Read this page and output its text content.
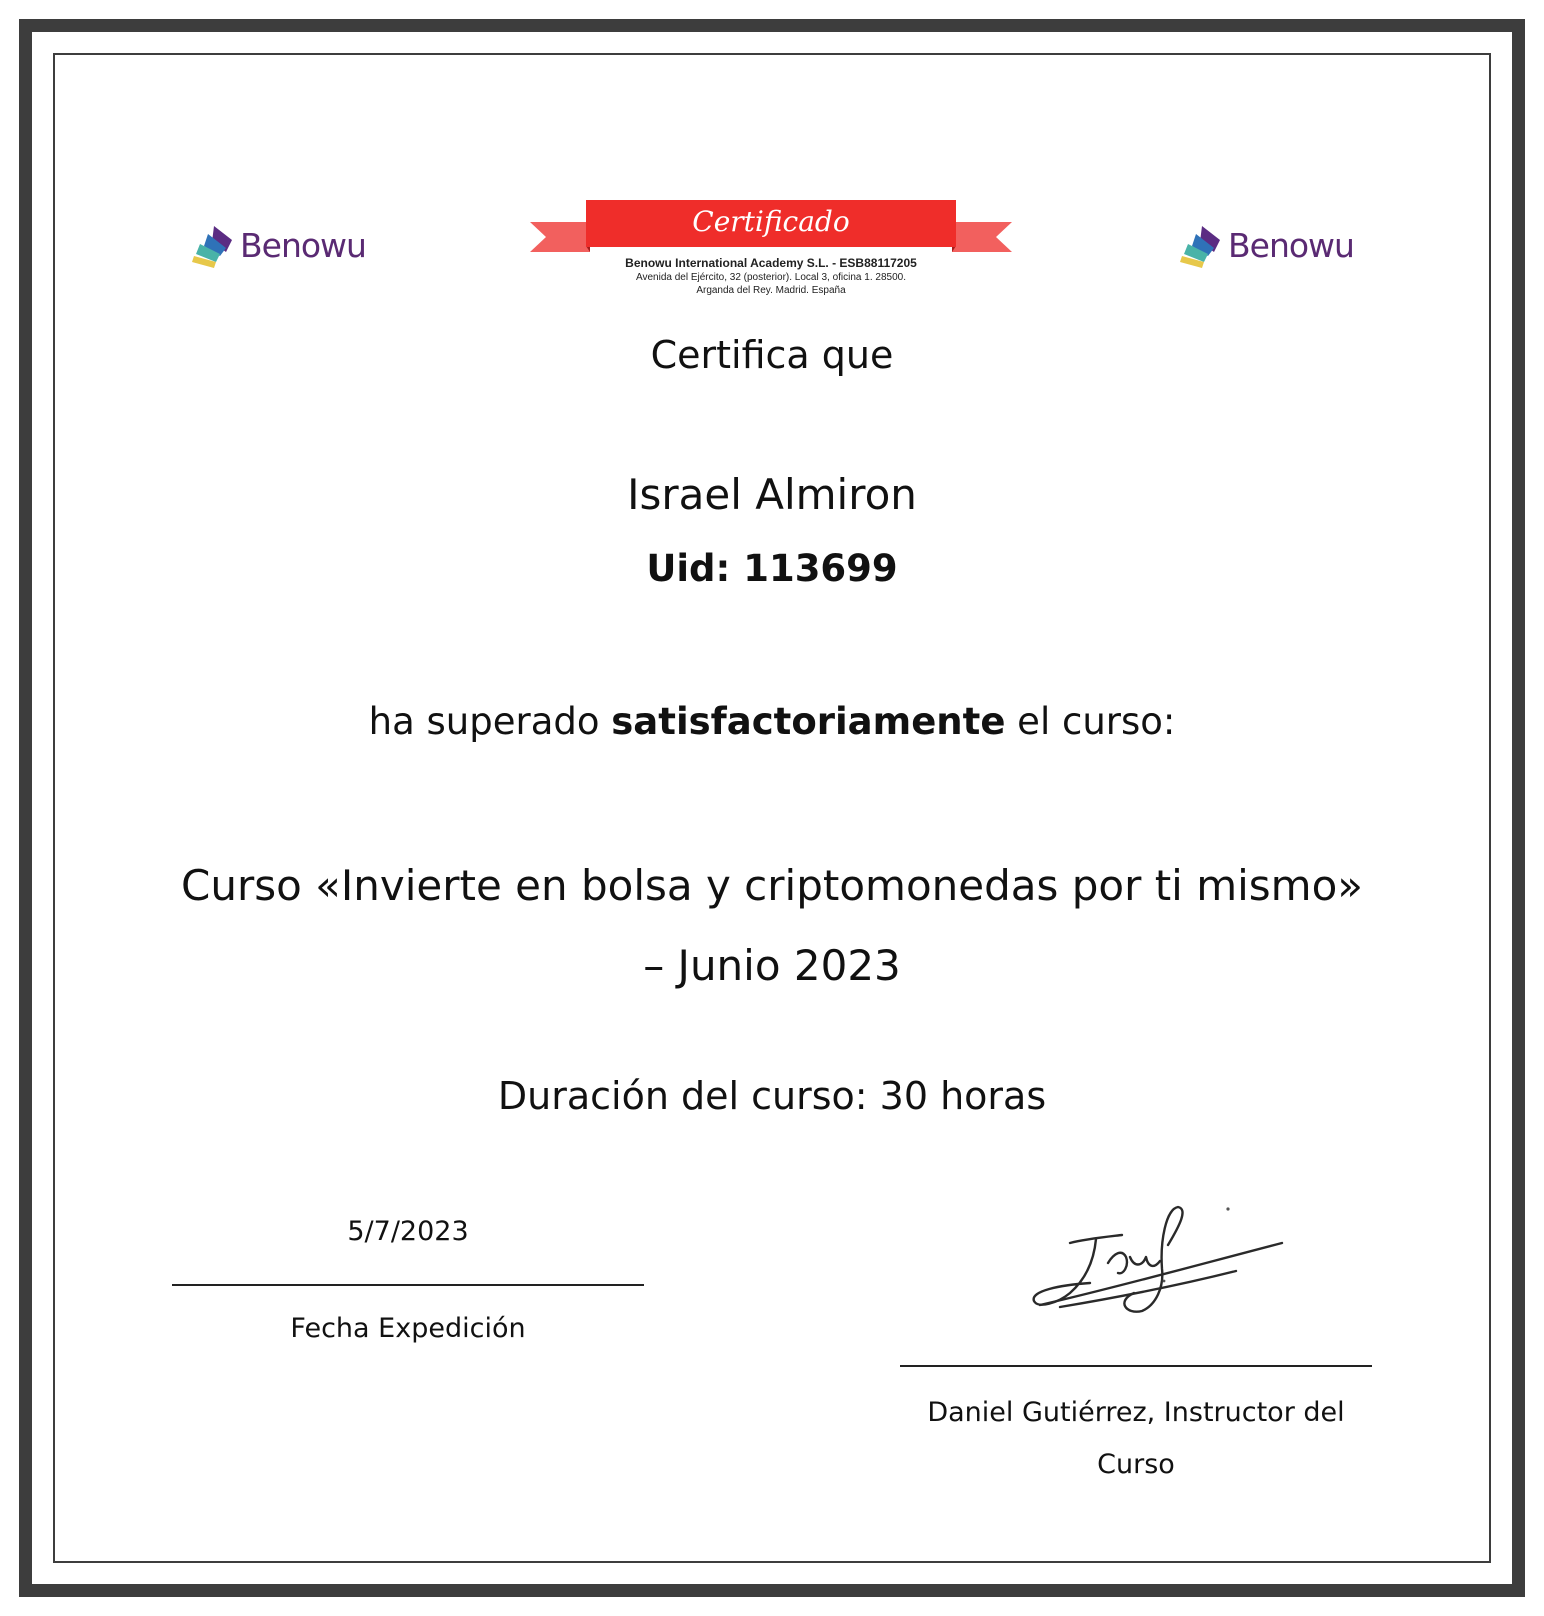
Benowu	Benowu
Certificado
Benowu International Academy S.L. - ESB88117205
Avenida del Ejército, 32 (posterior). Local 3, oficina 1. 28500.
Arganda del Rey. Madrid. España
Certifica que
Israel Almiron
Uid: 113699
ha superado satisfactoriamente el curso:
Curso «Invierte en bolsa y criptomonedas por ti mismo»
– Junio 2023
Duración del curso: 30 horas
5/7/2023
Fecha Expedición
Daniel Gutiérrez, Instructor del
Curso
